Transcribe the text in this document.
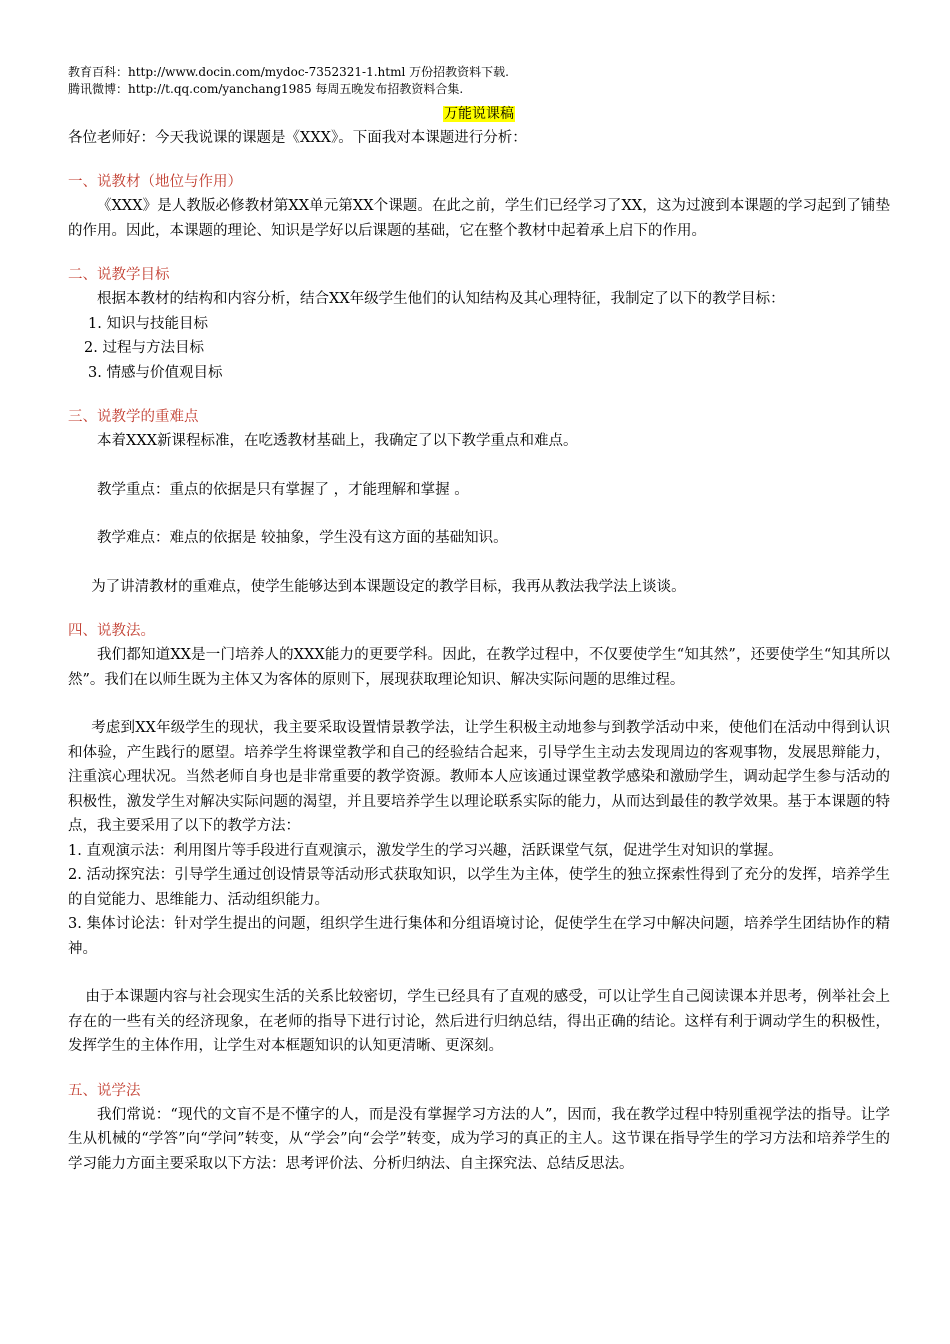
教育百科：http://www.docin.com/mydoc-7352321-1.html 万份招教资料下载.

腾讯微博：http://t.qq.com/yanchang1985 每周五晚发布招教资料合集.

万能说课稿

各位老师好：今天我说课的课题是《XXX》。下面我对本课题进行分析：

一、说教材（地位与作用）

《XXX》是人教版必修教材第XX单元第XX个课题。在此之前，学生们已经学习了XX，这为过渡到本课题的学习起到了铺垫的作用。因此，本课题的理论、知识是学好以后课题的基础，它在整个教材中起着承上启下的作用。

二、说教学目标

根据本教材的结构和内容分析，结合XX年级学生他们的认知结构及其心理特征，我制定了以下的教学目标：

1. 知识与技能目标
2. 过程与方法目标
3. 情感与价值观目标
三、说教学的重难点

本着XXX新课程标准，在吃透教材基础上，我确定了以下教学重点和难点。

教学重点：重点的依据是只有掌握了 ，才能理解和掌握 。

教学难点：难点的依据是 较抽象，学生没有这方面的基础知识。

为了讲清教材的重难点，使学生能够达到本课题设定的教学目标，我再从教法我学法上谈谈。

四、说教法。

我们都知道XX是一门培养人的XXX能力的更要学科。因此，在教学过程中，不仅要使学生“知其然”，还要使学生“知其所以然”。我们在以师生既为主体又为客体的原则下，展现获取理论知识、解决实际问题的思维过程。

考虑到XX年级学生的现状，我主要采取设置情景教学法，让学生积极主动地参与到教学活动中来，使他们在活动中得到认识和体验，产生践行的愿望。培养学生将课堂教学和自己的经验结合起来，引导学生主动去发现周边的客观事物，发展思辩能力，注重滨心理状况。当然老师自身也是非常重要的教学资源。教师本人应该通过课堂教学感染和激励学生，调动起学生参与活动的积极性，激发学生对解决实际问题的渴望，并且要培养学生以理论联系实际的能力，从而达到最佳的教学效果。基于本课题的特点，我主要采用了以下的教学方法：

1. 直观演示法：利用图片等手段进行直观演示，激发学生的学习兴趣，活跃课堂气氛，促进学生对知识的掌握。

2. 活动探究法：引导学生通过创设情景等活动形式获取知识，以学生为主体，使学生的独立探索性得到了充分的发挥，培养学生的自觉能力、思维能力、活动组织能力。

3. 集体讨论法：针对学生提出的问题，组织学生进行集体和分组语境讨论，促使学生在学习中解决问题，培养学生团结协作的精神。

由于本课题内容与社会现实生活的关系比较密切，学生已经具有了直观的感受，可以让学生自己阅读课本并思考，例举社会上存在的一些有关的经济现象，在老师的指导下进行讨论，然后进行归纳总结，得出正确的结论。这样有利于调动学生的积极性，发挥学生的主体作用，让学生对本框题知识的认知更清晰、更深刻。

五、说学法

我们常说：“现代的文盲不是不懂字的人，而是没有掌握学习方法的人”，因而，我在教学过程中特别重视学法的指导。让学生从机械的“学答”向“学问”转变，从“学会”向“会学”转变，成为学习的真正的主人。这节课在指导学生的学习方法和培养学生的学习能力方面主要采取以下方法：思考评价法、分析归纳法、自主探究法、总结反思法。
